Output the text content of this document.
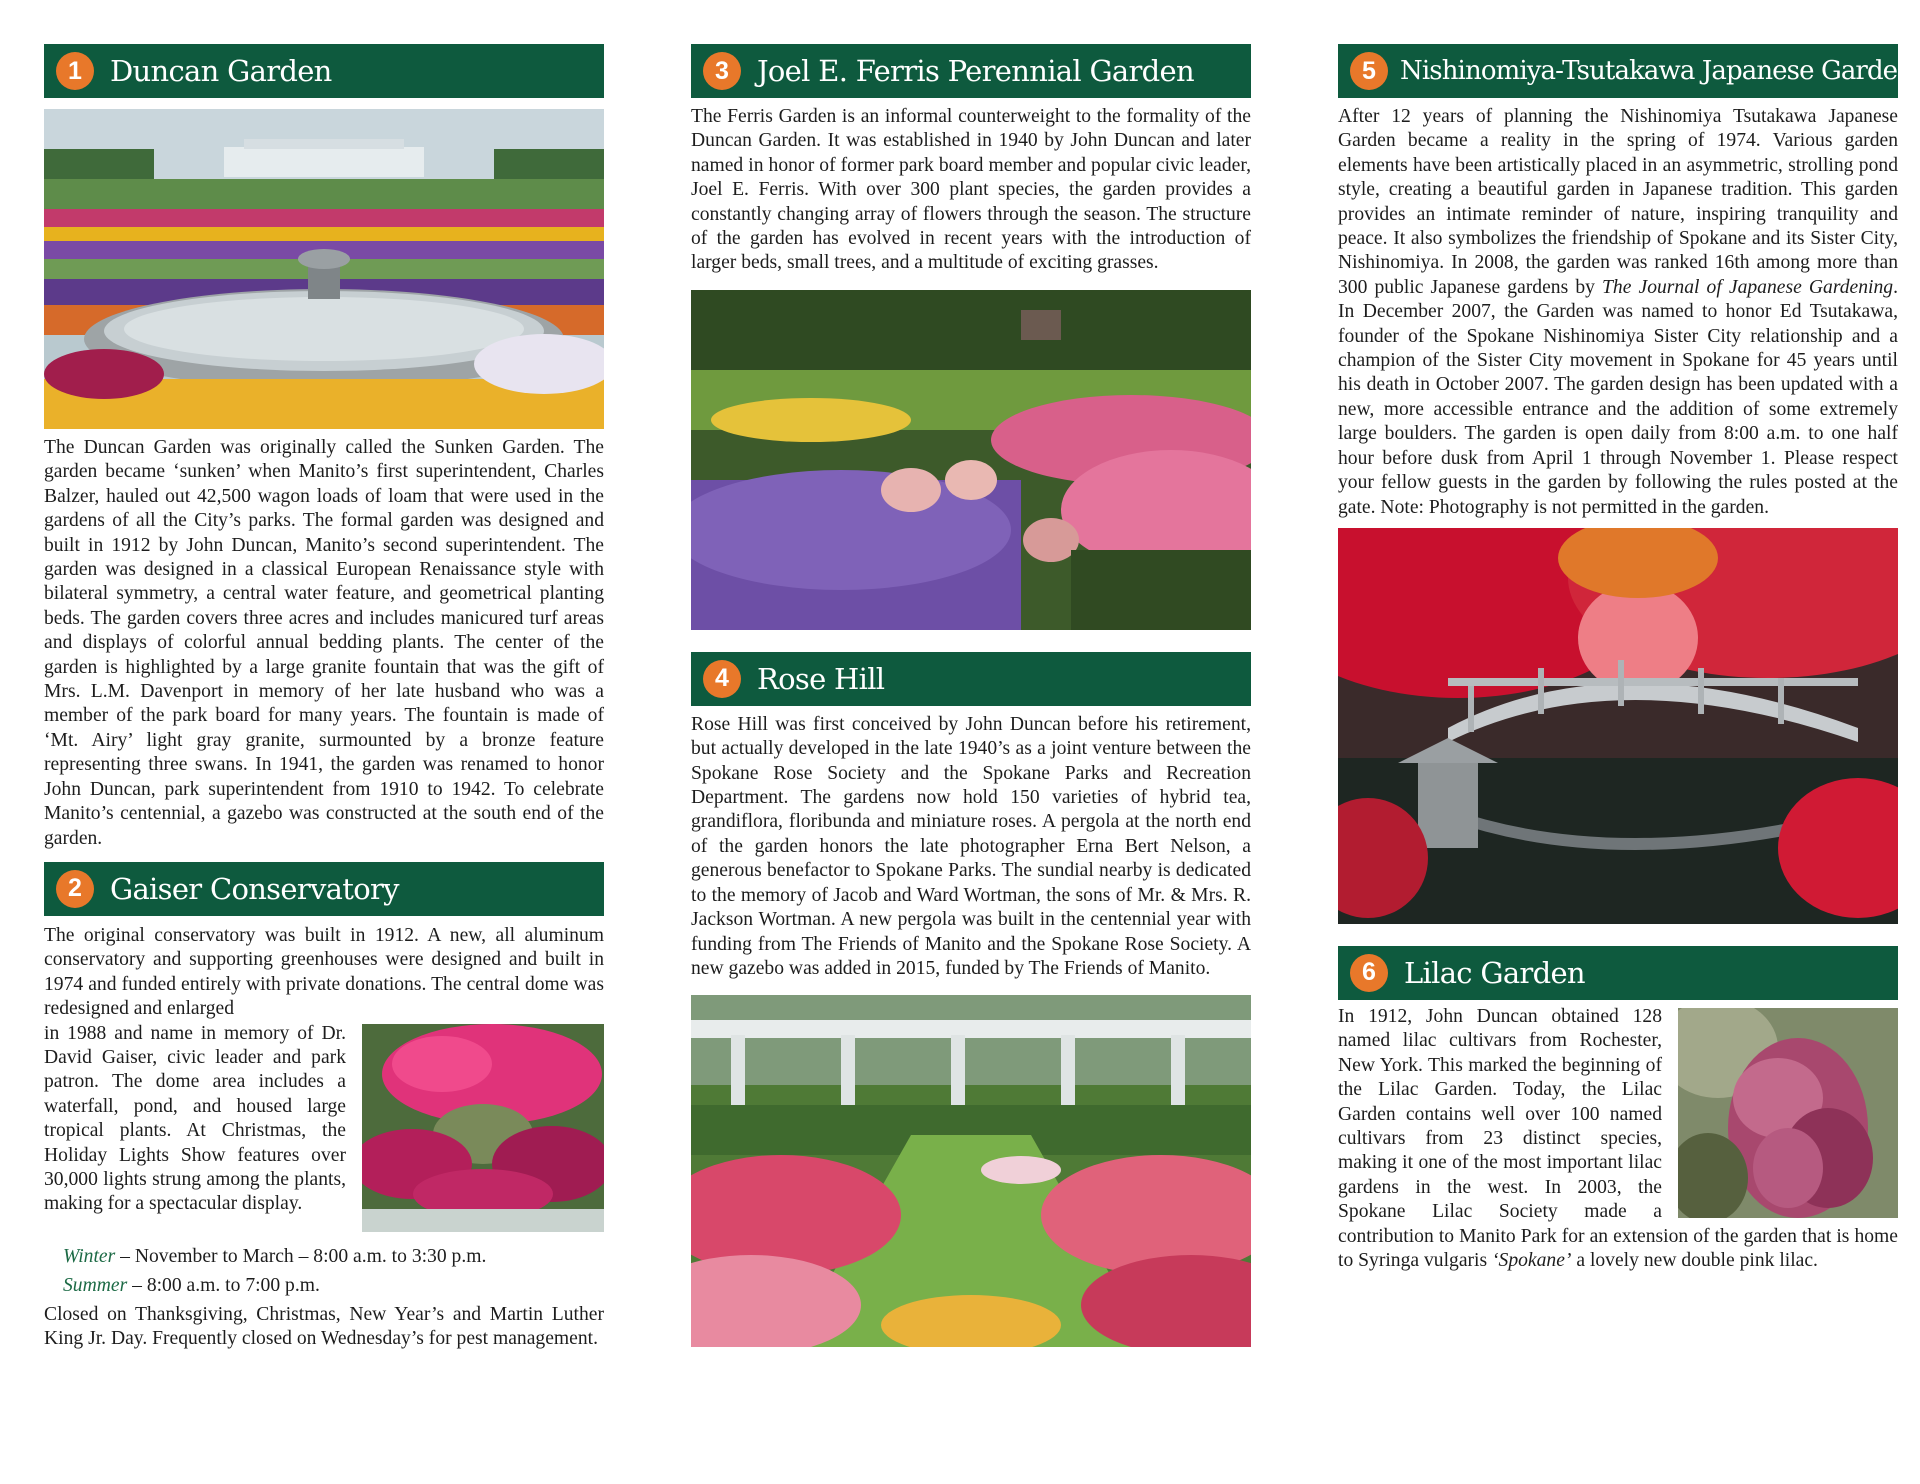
1 Duncan Garden

The Duncan Garden was originally called the Sunken Garden. The garden became ‘sunken’ when Manito’s first superintendent, Charles Balzer, hauled out 42,500 wagon loads of loam that were used in the gardens of all the City’s parks. The formal garden was designed and built in 1912 by John Duncan, Manito’s second superintendent. The garden was designed in a classical European Renaissance style with bilateral symmetry, a central water feature, and geometrical planting beds. The garden covers three acres and includes manicured turf areas and displays of colorful annual bedding plants. The center of the garden is highlighted by a large granite fountain that was the gift of Mrs. L.M. Davenport in memory of her late husband who was a member of the park board for many years. The fountain is made of ‘Mt. Airy’ light gray granite, surmounted by a bronze feature representing three swans. In 1941, the garden was renamed to honor John Duncan, park superintendent from 1910 to 1942. To celebrate Manito’s centennial, a gazebo was constructed at the south end of the garden.

2 Gaiser Conservatory

The original conservatory was built in 1912. A new, all aluminum conservatory and supporting greenhouses were designed and built in 1974 and funded entirely with private donations. The central dome was redesigned and enlarged

in 1988 and name in memory of Dr. David Gaiser, civic leader and park patron. The dome area includes a waterfall, pond, and housed large tropical plants. At Christmas, the Holiday Lights Show features over 30,000 lights strung among the plants, making for a spectacular display.

Winter – November to March – 8:00 a.m. to 3:30 p.m.
Summer – 8:00 a.m. to 7:00 p.m.

Closed on Thanksgiving, Christmas, New Year’s and Martin Luther King Jr. Day. Frequently closed on Wednesday’s for pest management.

3 Joel E. Ferris Perennial Garden

The Ferris Garden is an informal counterweight to the formality of the Duncan Garden. It was established in 1940 by John Duncan and later named in honor of former park board member and popular civic leader, Joel E. Ferris. With over 300 plant species, the garden provides a constantly changing array of flowers through the season. The structure of the garden has evolved in recent years with the introduction of larger beds, small trees, and a multitude of exciting grasses.

4 Rose Hill

Rose Hill was first conceived by John Duncan before his retirement, but actually developed in the late 1940’s as a joint venture between the Spokane Rose Society and the Spokane Parks and Recreation Department. The gardens now hold 150 varieties of hybrid tea, grandiflora, floribunda and miniature roses. A pergola at the north end of the garden honors the late photographer Erna Bert Nelson, a generous benefactor to Spokane Parks. The sundial nearby is dedicated to the memory of Jacob and Ward Wortman, the sons of Mr. & Mrs. R. Jackson Wortman. A new pergola was built in the centennial year with funding from The Friends of Manito and the Spokane Rose Society. A new gazebo was added in 2015, funded by The Friends of Manito.

5 Nishinomiya-Tsutakawa Japanese Garden

After 12 years of planning the Nishinomiya Tsutakawa Japanese Garden became a reality in the spring of 1974. Various garden elements have been artistically placed in an asymmetric, strolling pond style, creating a beautiful garden in Japanese tradition. This garden provides an intimate reminder of nature, inspiring tranquility and peace. It also symbolizes the friendship of Spokane and its Sister City, Nishinomiya. In 2008, the garden was ranked 16th among more than 300 public Japanese gardens by The Journal of Japanese Gardening. In December 2007, the Garden was named to honor Ed Tsutakawa, founder of the Spokane Nishinomiya Sister City relationship and a champion of the Sister City movement in Spokane for 45 years until his death in October 2007. The garden design has been updated with a new, more accessible entrance and the addition of some extremely large boulders. The garden is open daily from 8:00 a.m. to one half hour before dusk from April 1 through November 1. Please respect your fellow guests in the garden by following the rules posted at the gate. Note: Photography is not permitted in the garden.

6 Lilac Garden

In 1912, John Duncan obtained 128 named lilac cultivars from Rochester, New York. This marked the beginning of the Lilac Garden. Today, the Lilac Garden contains well over 100 named cultivars from 23 distinct species, making it one of the most important lilac gardens in the west. In 2003, the Spokane Lilac Society made a contribution to Manito Park for an extension of the garden that is home to Syringa vulgaris ‘Spokane’ a lovely new double pink lilac.
